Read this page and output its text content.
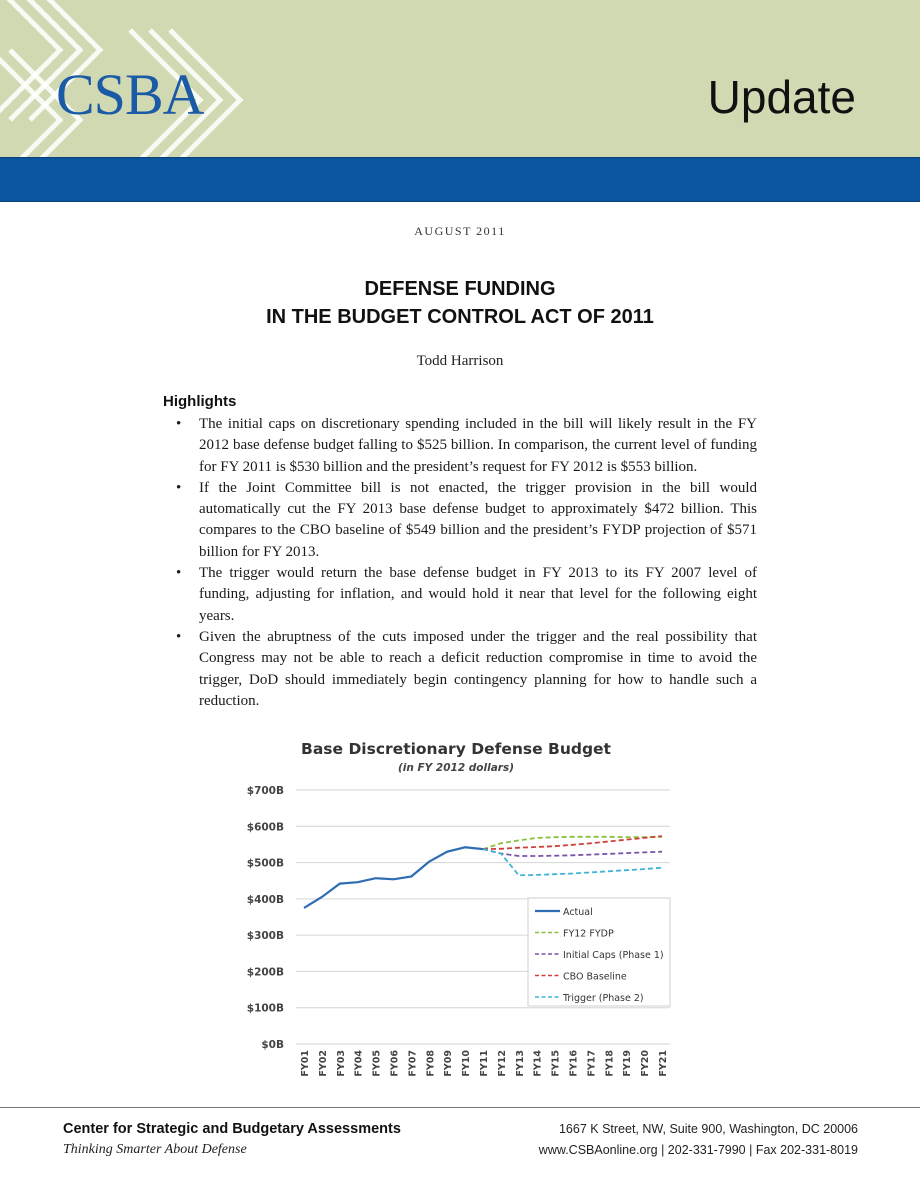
CSBA	Update
AUGUST 2011
DEFENSE FUNDING
IN THE BUDGET CONTROL ACT OF 2011
Todd Harrison
Highlights
• The initial caps on discretionary spending included in the bill will likely result in the FY 2012 base defense budget falling to $525 billion. In comparison, the current level of funding for FY 2011 is $530 billion and the president’s request for FY 2012 is $553 billion.
• If the Joint Committee bill is not enacted, the trigger provision in the bill would automatically cut the FY 2013 base defense budget to approximately $472 billion. This compares to the CBO baseline of $549 billion and the president’s FYDP projection of $571 billion for FY 2013.
• The trigger would return the base defense budget in FY 2013 to its FY 2007 level of funding, adjusting for inflation, and would hold it near that level for the following eight years.
• Given the abruptness of the cuts imposed under the trigger and the real possibility that Congress may not be able to reach a deficit reduction compromise in time to avoid the trigger, DoD should immediately begin contingency planning for how to handle such a reduction.
Base Discretionary Defense Budget
(in FY 2012 dollars)
$0B
$100B
$200B
$300B
$400B
$500B
$600B
$700B
FY01 FY02 FY03 FY04 FY05 FY06 FY07 FY08 FY09 FY10 FY11 FY12 FY13 FY14 FY15 FY16 FY17 FY18 FY19 FY20 FY21
Actual
FY12 FYDP
Initial Caps (Phase 1)
CBO Baseline
Trigger (Phase 2)
Center for Strategic and Budgetary Assessments
Thinking Smarter About Defense
1667 K Street, NW, Suite 900, Washington, DC 20006
www.CSBAonline.org | 202-331-7990 | Fax 202-331-8019
